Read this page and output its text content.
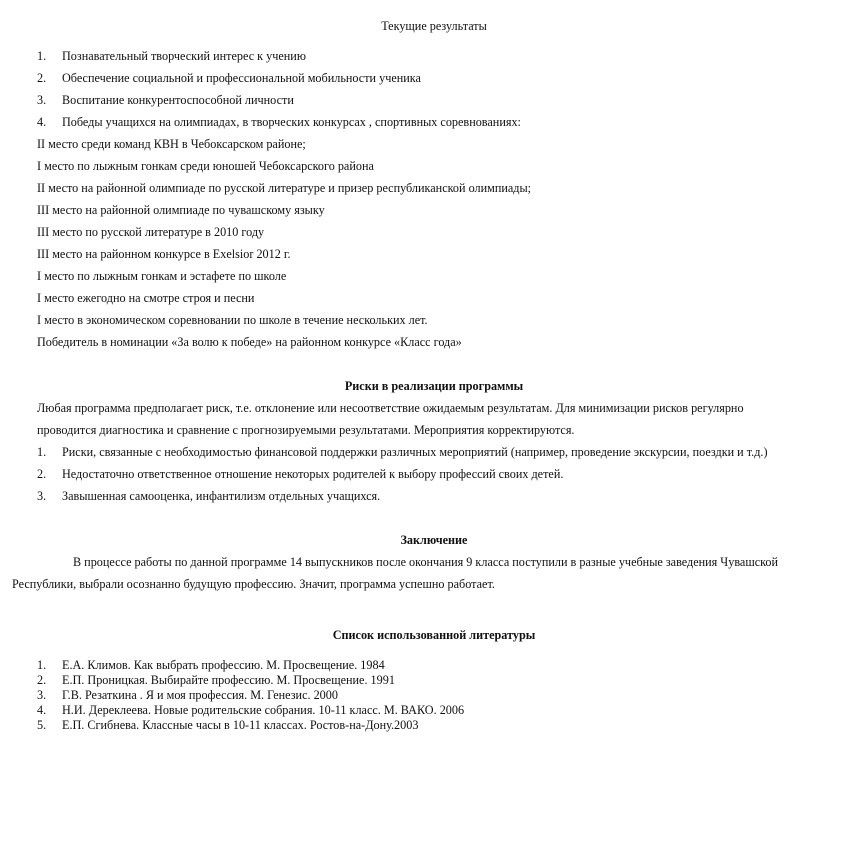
Текущие результаты
1. Познавательный творческий интерес к учению
2. Обеспечение социальной и профессиональной мобильности ученика
3. Воспитание конкурентоспособной личности
4. Победы учащихся на олимпиадах, в творческих конкурсах , спортивных соревнованиях:
II место среди команд КВН в Чебоксарском районе;
I место по лыжным гонкам среди юношей Чебоксарского района
II место на районной олимпиаде по русской литературе и призер республиканской олимпиады;
III место на районной олимпиаде по чувашскому языку
III место по русской литературе в 2010 году
III место на районном конкурсе в Exelsior 2012 г.
I место по лыжным гонкам и эстафете по школе
I место ежегодно на смотре строя и песни
I место в экономическом соревновании по школе в течение нескольких лет.
Победитель в номинации «За волю к победе» на районном конкурсе «Класс года»
Риски в реализации программы
Любая программа предполагает риск, т.е. отклонение или несоответствие ожидаемым результатам. Для минимизации рисков регулярно
проводится диагностика и сравнение с прогнозируемыми результатами. Мероприятия корректируются.
1. Риски, связанные с необходимостью финансовой поддержки различных мероприятий (например, проведение экскурсии, поездки и т.д.)
2. Недостаточно ответственное отношение некоторых родителей к выбору профессий своих детей.
3. Завышенная самооценка, инфантилизм отдельных учащихся.
Заключение
В процессе работы по данной программе 14 выпускников после окончания 9 класса поступили в разные учебные заведения Чувашской
Республики, выбрали осознанно будущую профессию. Значит, программа успешно работает.
Список использованной литературы
1. Е.А. Климов. Как выбрать профессию. М. Просвещение. 1984
2. Е.П. Проницкая. Выбирайте профессию. М. Просвещение. 1991
3. Г.В. Резаткина . Я и моя профессия. М. Генезис. 2000
4. Н.И. Дереклеева. Новые родительские собрания. 10-11 класс. М. ВАКО. 2006
5. Е.П. Сгибнева. Классные часы в 10-11 классах. Ростов-на-Дону.2003
